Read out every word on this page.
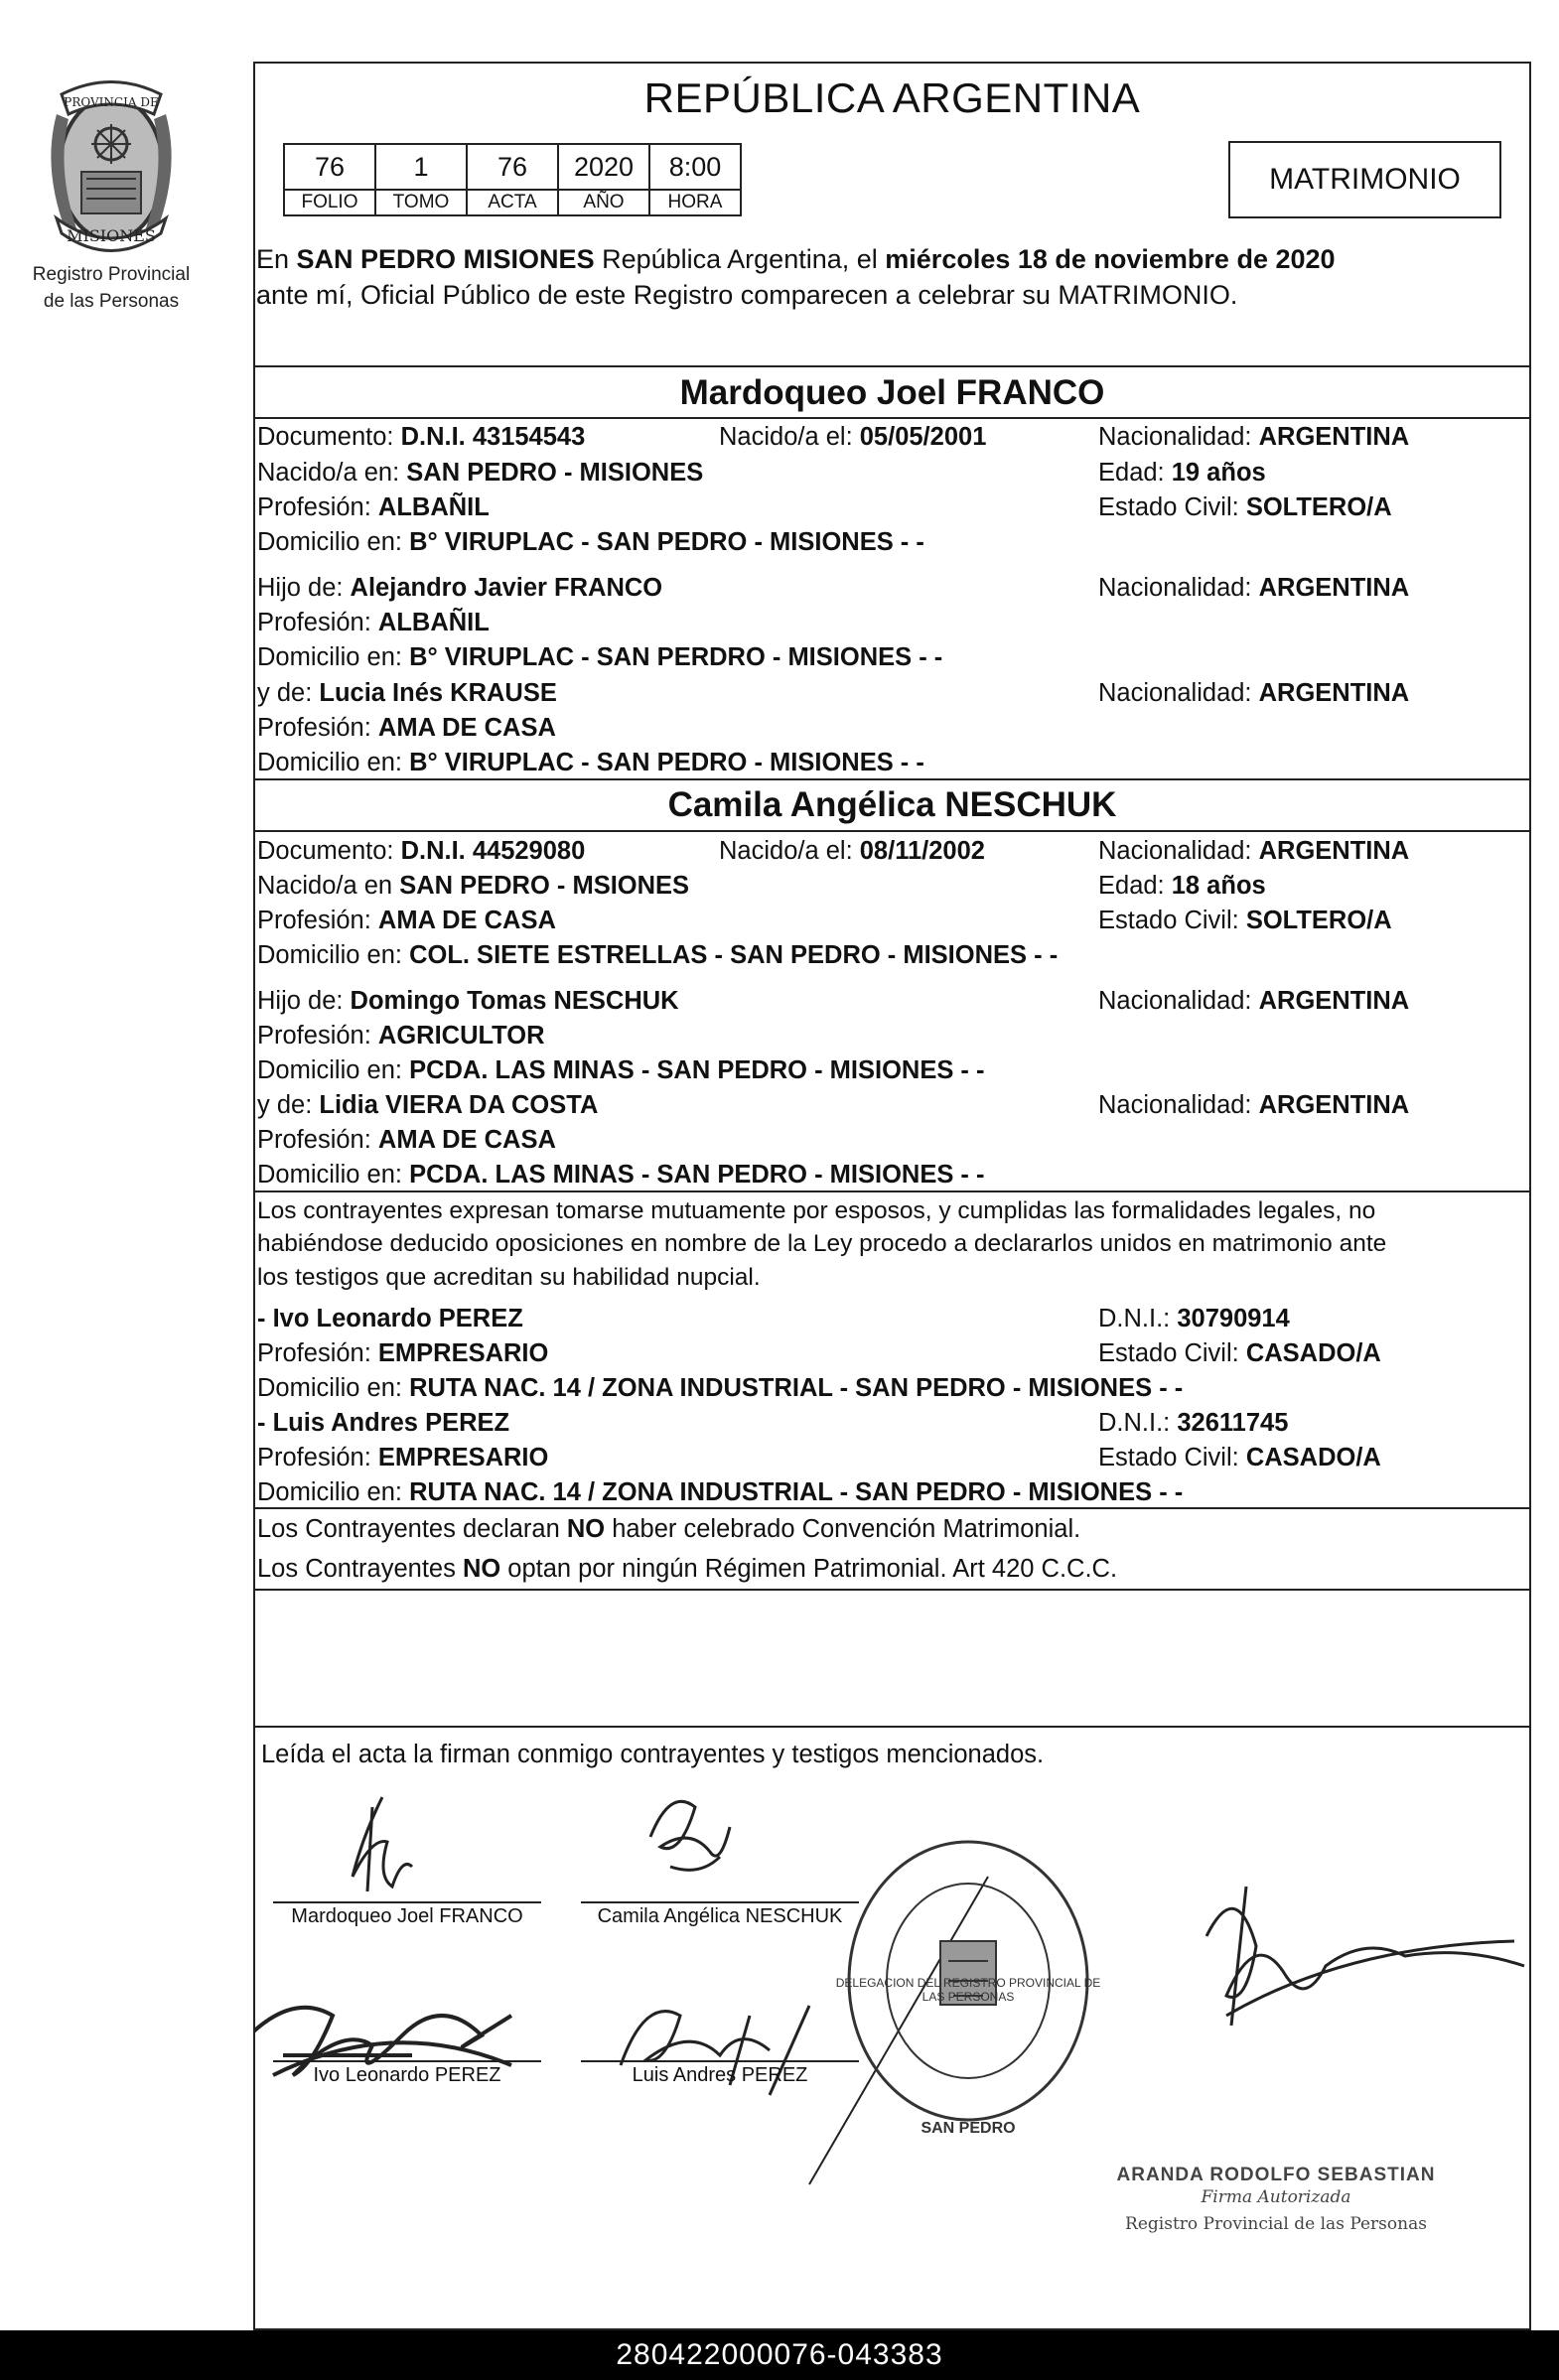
PROVINCIA DE
MISIONES
Registro Provincial
de las Personas
REPÚBLICA ARGENTINA
76	1	76	2020	8:00
FOLIO	TOMO	ACTA	AÑO	HORA
MATRIMONIO
En SAN PEDRO MISIONES República Argentina, el miércoles 18 de noviembre de 2020
ante mí, Oficial Público de este Registro comparecen a celebrar su MATRIMONIO.
Mardoqueo Joel FRANCO
Documento: D.N.I. 43154543	Nacido/a el: 05/05/2001	Nacionalidad: ARGENTINA
Nacido/a en: SAN PEDRO - MISIONES	Edad: 19 años
Profesión: ALBAÑIL	Estado Civil: SOLTERO/A
Domicilio en: B° VIRUPLAC - SAN PEDRO - MISIONES - -
Hijo de: Alejandro Javier FRANCO	Nacionalidad: ARGENTINA
Profesión: ALBAÑIL
Domicilio en: B° VIRUPLAC - SAN PERDRO - MISIONES - -
y de: Lucia Inés KRAUSE	Nacionalidad: ARGENTINA
Profesión: AMA DE CASA
Domicilio en: B° VIRUPLAC - SAN PEDRO - MISIONES - -
Camila Angélica NESCHUK
Documento: D.N.I. 44529080	Nacido/a el: 08/11/2002	Nacionalidad: ARGENTINA
Nacido/a en SAN PEDRO - MSIONES	Edad: 18 años
Profesión: AMA DE CASA	Estado Civil: SOLTERO/A
Domicilio en: COL. SIETE ESTRELLAS - SAN PEDRO - MISIONES - -
Hijo de: Domingo Tomas NESCHUK	Nacionalidad: ARGENTINA
Profesión: AGRICULTOR
Domicilio en: PCDA. LAS MINAS - SAN PEDRO - MISIONES - -
y de: Lidia VIERA DA COSTA	Nacionalidad: ARGENTINA
Profesión: AMA DE CASA
Domicilio en: PCDA. LAS MINAS - SAN PEDRO - MISIONES - -
Los contrayentes expresan tomarse mutuamente por esposos, y cumplidas las formalidades legales, no
habiéndose deducido oposiciones en nombre de la Ley procedo a declararlos unidos en matrimonio ante
los testigos que acreditan su habilidad nupcial.
- Ivo Leonardo PEREZ	D.N.I.: 30790914
Profesión: EMPRESARIO	Estado Civil: CASADO/A
Domicilio en: RUTA NAC. 14 / ZONA INDUSTRIAL - SAN PEDRO - MISIONES - -
- Luis Andres PEREZ	D.N.I.: 32611745
Profesión: EMPRESARIO	Estado Civil: CASADO/A
Domicilio en: RUTA NAC. 14 / ZONA INDUSTRIAL - SAN PEDRO - MISIONES - -
Los Contrayentes declaran NO haber celebrado Convención Matrimonial.
Los Contrayentes NO optan por ningún Régimen Patrimonial. Art 420 C.C.C.
Leída el acta la firman conmigo contrayentes y testigos mencionados.
Mardoqueo Joel FRANCO	Camila Angélica NESCHUK
Ivo Leonardo PEREZ	Luis Andres PEREZ
SAN PEDRO
DELEGACION DEL REGISTRO PROVINCIAL DE LAS PERSONAS
ARANDA RODOLFO SEBASTIAN
Firma Autorizada
Registro Provincial de las Personas
280422000076-043383
